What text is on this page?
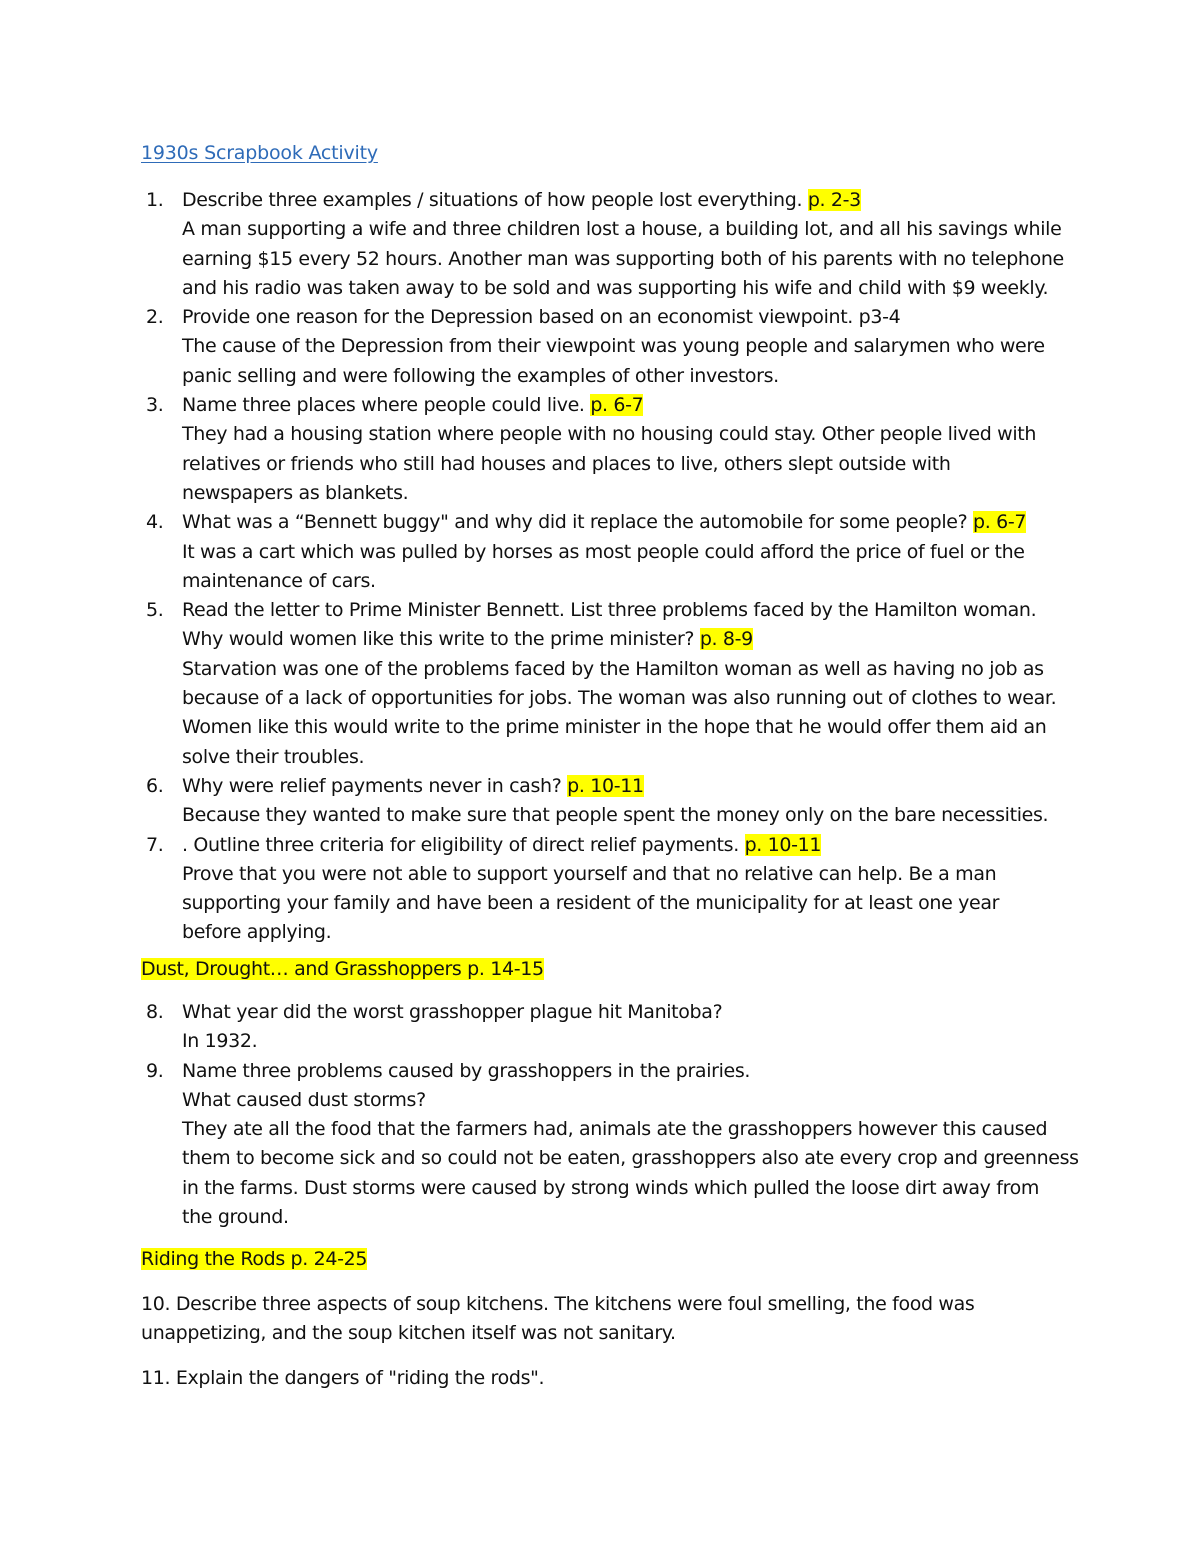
1930s Scrapbook Activity
1. Describe three examples / situations of how people lost everything. p. 2-3
A man supporting a wife and three children lost a house, a building lot, and all his savings while
earning $15 every 52 hours. Another man was supporting both of his parents with no telephone
and his radio was taken away to be sold and was supporting his wife and child with $9 weekly.
2. Provide one reason for the Depression based on an economist viewpoint. p3-4
The cause of the Depression from their viewpoint was young people and salarymen who were
panic selling and were following the examples of other investors.
3. Name three places where people could live. p. 6-7
They had a housing station where people with no housing could stay. Other people lived with
relatives or friends who still had houses and places to live, others slept outside with
newspapers as blankets.
4. What was a “Bennett buggy" and why did it replace the automobile for some people? p. 6-7
It was a cart which was pulled by horses as most people could afford the price of fuel or the
maintenance of cars.
5. Read the letter to Prime Minister Bennett. List three problems faced by the Hamilton woman.
Why would women like this write to the prime minister? p. 8-9
Starvation was one of the problems faced by the Hamilton woman as well as having no job as
because of a lack of opportunities for jobs. The woman was also running out of clothes to wear.
Women like this would write to the prime minister in the hope that he would offer them aid an
solve their troubles.
6. Why were relief payments never in cash? p. 10-11
Because they wanted to make sure that people spent the money only on the bare necessities.
7. . Outline three criteria for eligibility of direct relief payments. p. 10-11
Prove that you were not able to support yourself and that no relative can help. Be a man
supporting your family and have been a resident of the municipality for at least one year
before applying.
Dust, Drought… and Grasshoppers p. 14-15
8. What year did the worst grasshopper plague hit Manitoba?
In 1932.
9. Name three problems caused by grasshoppers in the prairies.
What caused dust storms?
They ate all the food that the farmers had, animals ate the grasshoppers however this caused
them to become sick and so could not be eaten, grasshoppers also ate every crop and greenness
in the farms. Dust storms were caused by strong winds which pulled the loose dirt away from
the ground.
Riding the Rods p. 24-25
10. Describe three aspects of soup kitchens. The kitchens were foul smelling, the food was
unappetizing, and the soup kitchen itself was not sanitary.
11. Explain the dangers of "riding the rods".
